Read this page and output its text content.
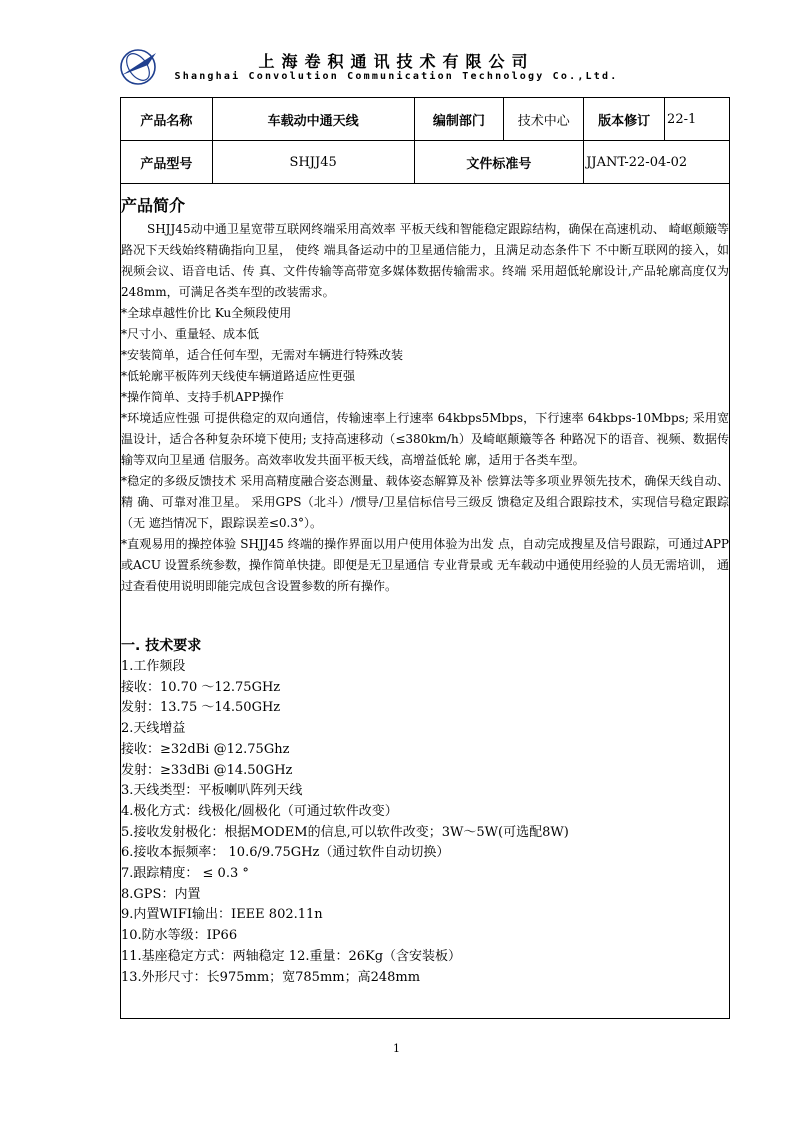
上海卷积通讯技术有限公司
Shanghai Convolution Communication Technology Co.,Ltd.
产品名称	车载动中通天线	编制部门	技术中心	版本修订	22-1
产品型号	SHJJ45	文件标准号		JJANT-22-04-02	
产品简介

SHJJ45动中通卫星宽带互联网终端采用高效率 平板天线和智能稳定跟踪结构，确保在高速机动、 崎岖颠簸等路况下天线始终精确指向卫星， 使终 端具备运动中的卫星通信能力，且满足动态条件下 不中断互联网的接入，如视频会议、语音电话、传 真、文件传输等高带宽多媒体数据传输需求。终端 采用超低轮廓设计,产品轮廓高度仅为248mm，可满足各类车型的改装需求。

*全球卓越性价比 Ku全频段使用

*尺寸小、重量轻、成本低

*安装简单，适合任何车型，无需对车辆进行特殊改装

*低轮廓平板阵列天线使车辆道路适应性更强

*操作简单、支持手机APP操作

*环境适应性强 可提供稳定的双向通信，传输速率上行速率 64kbps5Mbps，下行速率 64kbps-10Mbps; 采用宽温设计，适合各种复杂环境下使用; 支持高速移动（≤380km/h）及崎岖颠簸等各 种路况下的语音、视频、数据传输等双向卫星通 信服务。高效率收发共面平板天线，高增益低轮 廓，适用于各类车型。

*稳定的多级反馈技术 采用高精度融合姿态测量、载体姿态解算及补 偿算法等多项业界领先技术，确保天线自动、精 确、可靠对准卫星。 采用GPS（北斗）/惯导/卫星信标信号三级反 馈稳定及组合跟踪技术，实现信号稳定跟踪（无 遮挡情况下，跟踪误差≤0.3°）。

*直观易用的操控体验 SHJJ45 终端的操作界面以用户使用体验为出发 点，自动完成搜星及信号跟踪，可通过APP或ACU 设置系统参数，操作简单快捷。即便是无卫星通信 专业背景或 无车载动中通使用经验的人员无需培训， 通过查看使用说明即能完成包含设置参数的所有操作。

一. 技术要求

1.工作频段

接收：10.70 ～12.75GHz

发射：13.75 ～14.50GHz

2.天线增益

接收：≥32dBi @12.75Ghz

发射：≥33dBi @14.50GHz

3.天线类型：平板喇叭阵列天线

4.极化方式：线极化/圆极化（可通过软件改变）

5.接收发射极化：根据MODEM的信息,可以软件改变；3W～5W(可选配8W)

6.接收本振频率： 10.6/9.75GHz（通过软件自动切换）

7.跟踪精度： ≤ 0.3 °

8.GPS：内置

9.内置WIFI输出：IEEE 802.11n

10.防水等级：IP66

11.基座稳定方式：两轴稳定 12.重量：26Kg（含安装板）

13.外形尺寸：长975mm；宽785mm；高248mm

1
